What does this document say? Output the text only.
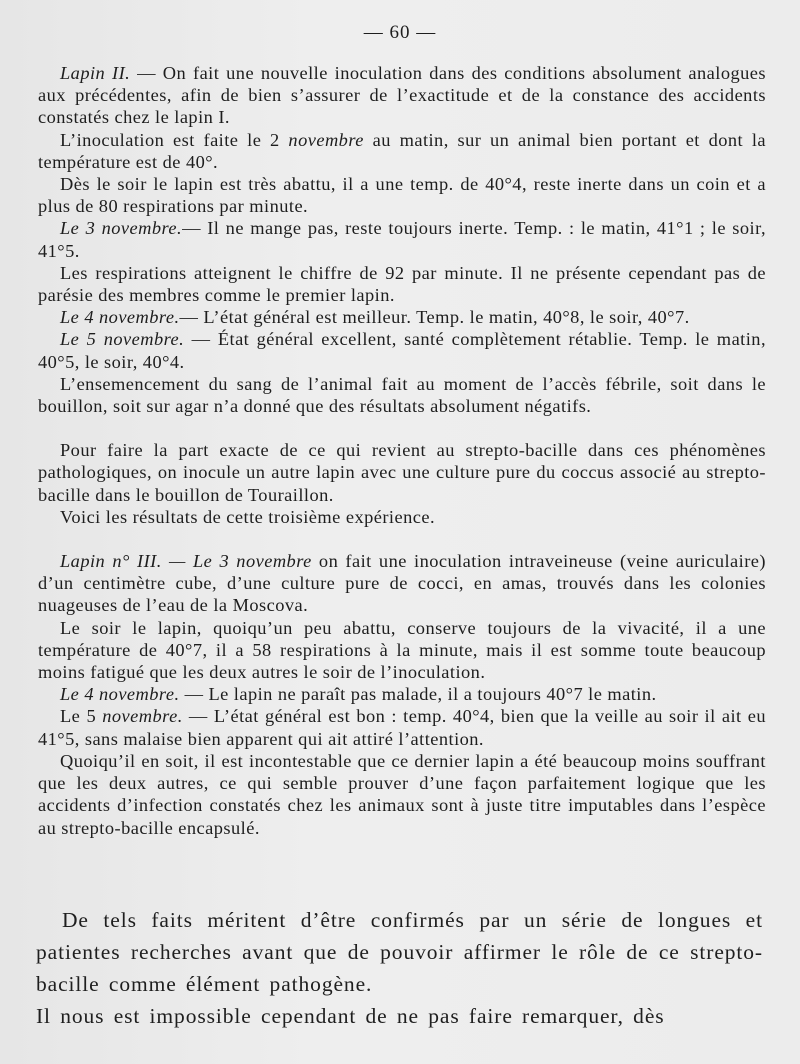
— 60 —

Lapin II. — On fait une nouvelle inoculation dans des conditions absolument analogues aux précédentes, afin de bien s’assurer de l’exactitude et de la constance des accidents constatés chez le lapin I.

L’inoculation est faite le 2 novembre au matin, sur un animal bien portant et dont la température est de 40°.

Dès le soir le lapin est très abattu, il a une temp. de 40°4, reste inerte dans un coin et a plus de 80 respirations par minute.

Le 3 novembre.— Il ne mange pas, reste toujours inerte. Temp. : le matin, 41°1 ; le soir, 41°5.

Les respirations atteignent le chiffre de 92 par minute. Il ne présente cependant pas de parésie des membres comme le premier lapin.

Le 4 novembre.— L’état général est meilleur. Temp. le matin, 40°8, le soir, 40°7.

Le 5 novembre. — État général excellent, santé complètement rétablie. Temp. le matin, 40°5, le soir, 40°4.

L’ensemencement du sang de l’animal fait au moment de l’accès fébrile, soit dans le bouillon, soit sur agar n’a donné que des résultats absolument négatifs.

Pour faire la part exacte de ce qui revient au strepto-bacille dans ces phénomènes pathologiques, on inocule un autre lapin avec une culture pure du coccus associé au strepto-bacille dans le bouillon de Touraillon.

Voici les résultats de cette troisième expérience.

Lapin n° III. — Le 3 novembre on fait une inoculation intraveineuse (veine auriculaire) d’un centimètre cube, d’une culture pure de cocci, en amas, trouvés dans les colonies nuageuses de l’eau de la Moscova.

Le soir le lapin, quoiqu’un peu abattu, conserve toujours de la vivacité, il a une température de 40°7, il a 58 respirations à la minute, mais il est somme toute beaucoup moins fatigué que les deux autres le soir de l’inoculation.

Le 4 novembre. — Le lapin ne paraît pas malade, il a toujours 40°7 le matin.

Le 5 novembre. — L’état général est bon : temp. 40°4, bien que la veille au soir il ait eu 41°5, sans malaise bien apparent qui ait attiré l’attention.

Quoiqu’il en soit, il est incontestable que ce dernier lapin a été beaucoup moins souffrant que les deux autres, ce qui semble prouver d’une façon parfaitement logique que les accidents d’infection constatés chez les animaux sont à juste titre imputables dans l’espèce au strepto-bacille encapsulé.

De tels faits méritent d’être confirmés par un série de longues et patientes recherches avant que de pouvoir affirmer le rôle de ce strepto-bacille comme élément pathogène.

Il nous est impossible cependant de ne pas faire remarquer, dès
